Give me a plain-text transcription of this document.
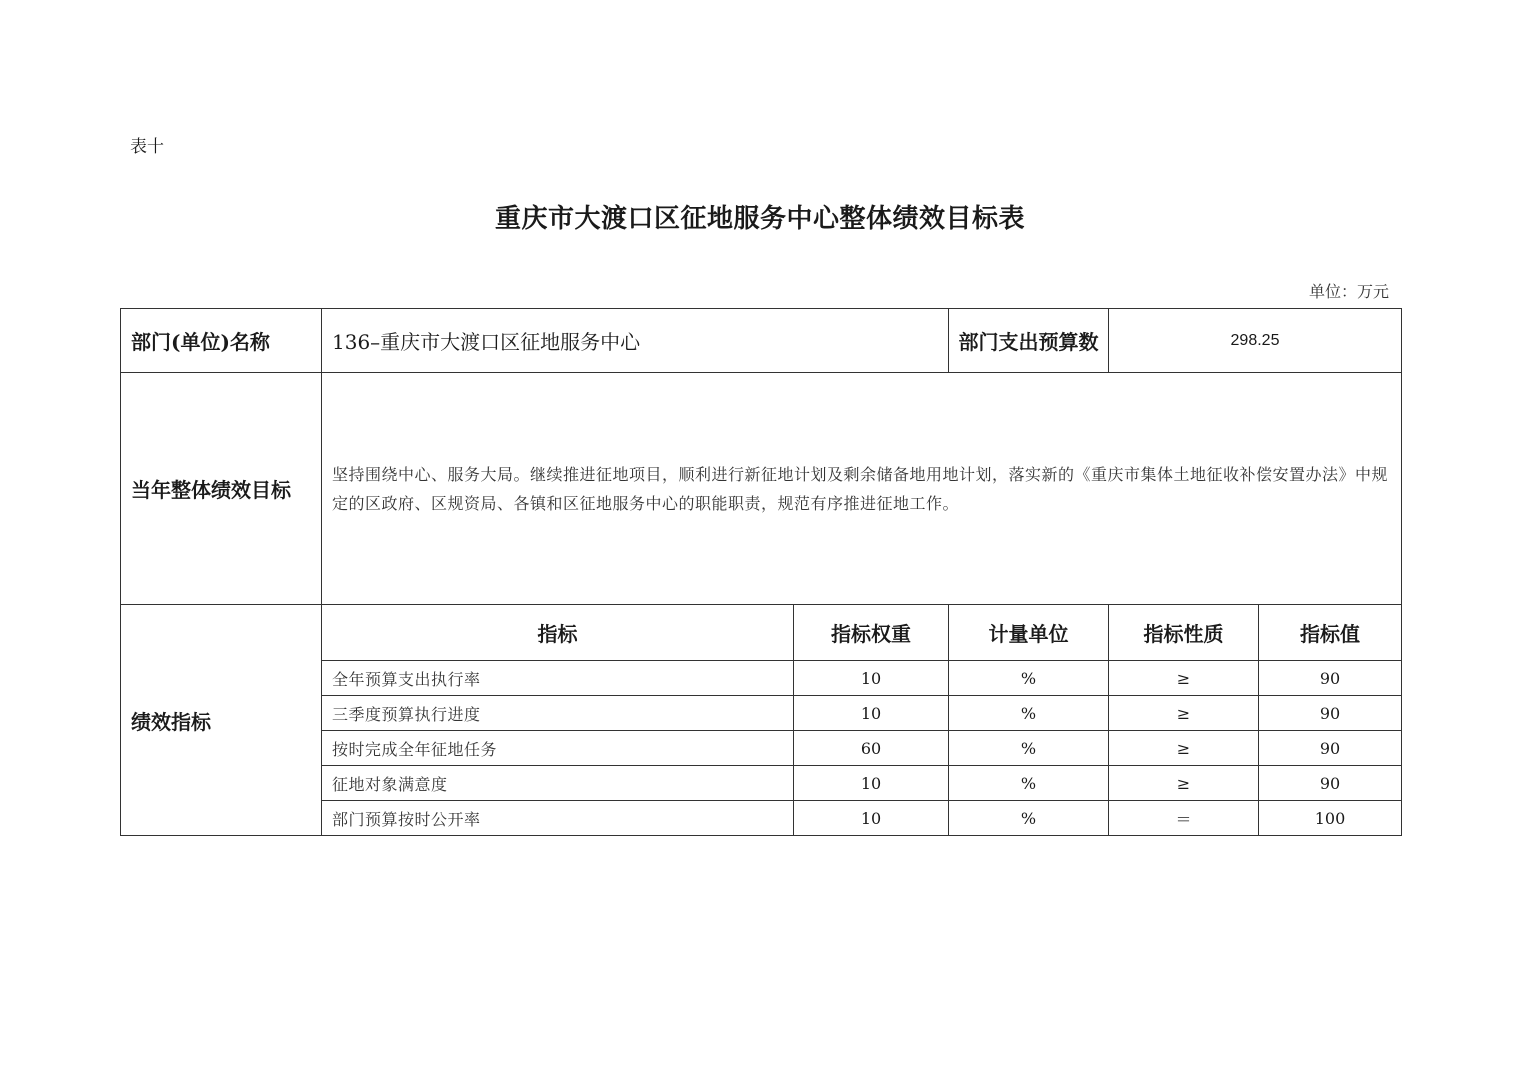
表十
重庆市大渡口区征地服务中心整体绩效目标表
单位：万元
部门(单位)名称	136–重庆市大渡口区征地服务中心		部门支出预算数	298.25	
当年整体绩效目标	坚持围绕中心、服务大局。继续推进征地项目，顺利进行新征地计划及剩余储备地用地计划，落实新的《重庆市集体土地征收补偿安置办法》中规定的区政府、区规资局、各镇和区征地服务中心的职能职责，规范有序推进征地工作。				
绩效指标	指标	指标权重	计量单位	指标性质	指标值
	全年预算支出执行率	10	%	≥	90
	三季度预算执行进度	10	%	≥	90
	按时完成全年征地任务	60	%	≥	90
	征地对象满意度	10	%	≥	90
	部门预算按时公开率	10	%	＝	100
